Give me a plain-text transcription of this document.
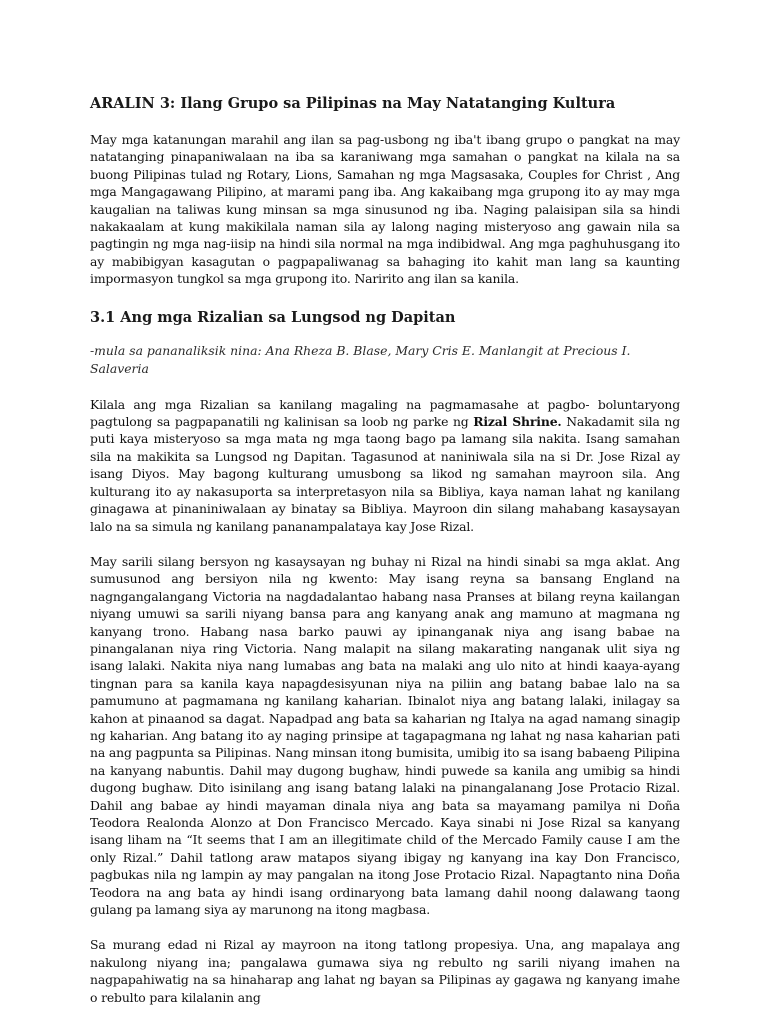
ARALIN 3: Ilang Grupo sa Pilipinas na May Natatanging Kultura

May mga katanungan marahil ang ilan sa pag-usbong ng iba't ibang grupo o pangkat na may natatanging pinapaniwalaan na iba sa karaniwang mga samahan o pangkat na kilala na sa buong Pilipinas tulad ng Rotary, Lions, Samahan ng mga Magsasaka, Couples for Christ , Ang mga Mangagawang Pilipino, at marami pang iba. Ang kakaibang mga grupong ito ay may mga kaugalian na taliwas kung minsan sa mga sinusunod ng iba. Naging palaisipan sila sa hindi nakakaalam at kung makikilala naman sila ay lalong naging misteryoso ang gawain nila sa pagtingin ng mga nag-iisip na hindi sila normal na mga indibidwal. Ang mga paghuhusgang ito ay mabibigyan kasagutan o pagpapaliwanag sa bahaging ito kahit man lang sa kaunting impormasyon tungkol sa mga grupong ito. Naririto ang ilan sa kanila.

3.1 Ang mga Rizalian sa Lungsod ng Dapitan

-mula sa pananaliksik nina: Ana Rheza B. Blase, Mary Cris E. Manlangit at Precious I. Salaveria

Kilala ang mga Rizalian sa kanilang magaling na pagmamasahe at pagbo- boluntaryong pagtulong sa pagpapanatili ng kalinisan sa loob ng parke ng Rizal Shrine. Nakadamit sila ng puti kaya misteryoso sa mga mata ng mga taong bago pa lamang sila nakita. Isang samahan sila na makikita sa Lungsod ng Dapitan. Tagasunod at naniniwala sila na si Dr. Jose Rizal ay isang Diyos. May bagong kulturang umusbong sa likod ng samahan mayroon sila. Ang kulturang ito ay nakasuporta sa interpretasyon nila sa Bibliya, kaya naman lahat ng kanilang ginagawa at pinaniniwalaan ay binatay sa Bibliya. Mayroon din silang mahabang kasaysayan lalo na sa simula ng kanilang pananampalataya kay Jose Rizal.

May sarili silang bersyon ng kasaysayan ng buhay ni Rizal na hindi sinabi sa mga aklat. Ang sumusunod ang bersiyon nila ng kwento: May isang reyna sa bansang England na nagngangalangang Victoria na nagdadalantao habang nasa Pranses at bilang reyna kailangan niyang umuwi sa sarili niyang bansa para ang kanyang anak ang mamuno at magmana ng kanyang trono. Habang nasa barko pauwi ay ipinanganak niya ang isang babae na pinangalanan niya ring Victoria. Nang malapit na silang makarating nanganak ulit siya ng isang lalaki. Nakita niya nang lumabas ang bata na malaki ang ulo nito at hindi kaaya-ayang tingnan para sa kanila kaya napagdesisyunan niya na piliin ang batang babae lalo na sa pamumuno at pagmamana ng kanilang kaharian. Ibinalot niya ang batang lalaki, inilagay sa kahon at pinaanod sa dagat. Napadpad ang bata sa kaharian ng Italya na agad namang sinagip ng kaharian. Ang batang ito ay naging prinsipe at tagapagmana ng lahat ng nasa kaharian pati na ang pagpunta sa Pilipinas. Nang minsan itong bumisita, umibig ito sa isang babaeng Pilipina na kanyang nabuntis. Dahil may dugong bughaw, hindi puwede sa kanila ang umibig sa hindi dugong bughaw. Dito isinilang ang isang batang lalaki na pinangalanang Jose Protacio Rizal. Dahil ang babae ay hindi mayaman dinala niya ang bata sa mayamang pamilya ni Doña Teodora Realonda Alonzo at Don Francisco Mercado. Kaya sinabi ni Jose Rizal sa kanyang isang liham na “It seems that I am an illegitimate child of the Mercado Family cause I am the only Rizal.” Dahil tatlong araw matapos siyang ibigay ng kanyang ina kay Don Francisco, pagbukas nila ng lampin ay may pangalan na itong Jose Protacio Rizal. Napagtanto nina Doña Teodora na ang bata ay hindi isang ordinaryong bata lamang dahil noong dalawang taong gulang pa lamang siya ay marunong na itong magbasa.

Sa murang edad ni Rizal ay mayroon na itong tatlong propesiya. Una, ang mapalaya ang nakulong niyang ina; pangalawa gumawa siya ng rebulto ng sarili niyang imahen na nagpapahiwatig na sa hinaharap ang lahat ng bayan sa Pilipinas ay gagawa ng kanyang imahe o rebulto para kilalanin ang
